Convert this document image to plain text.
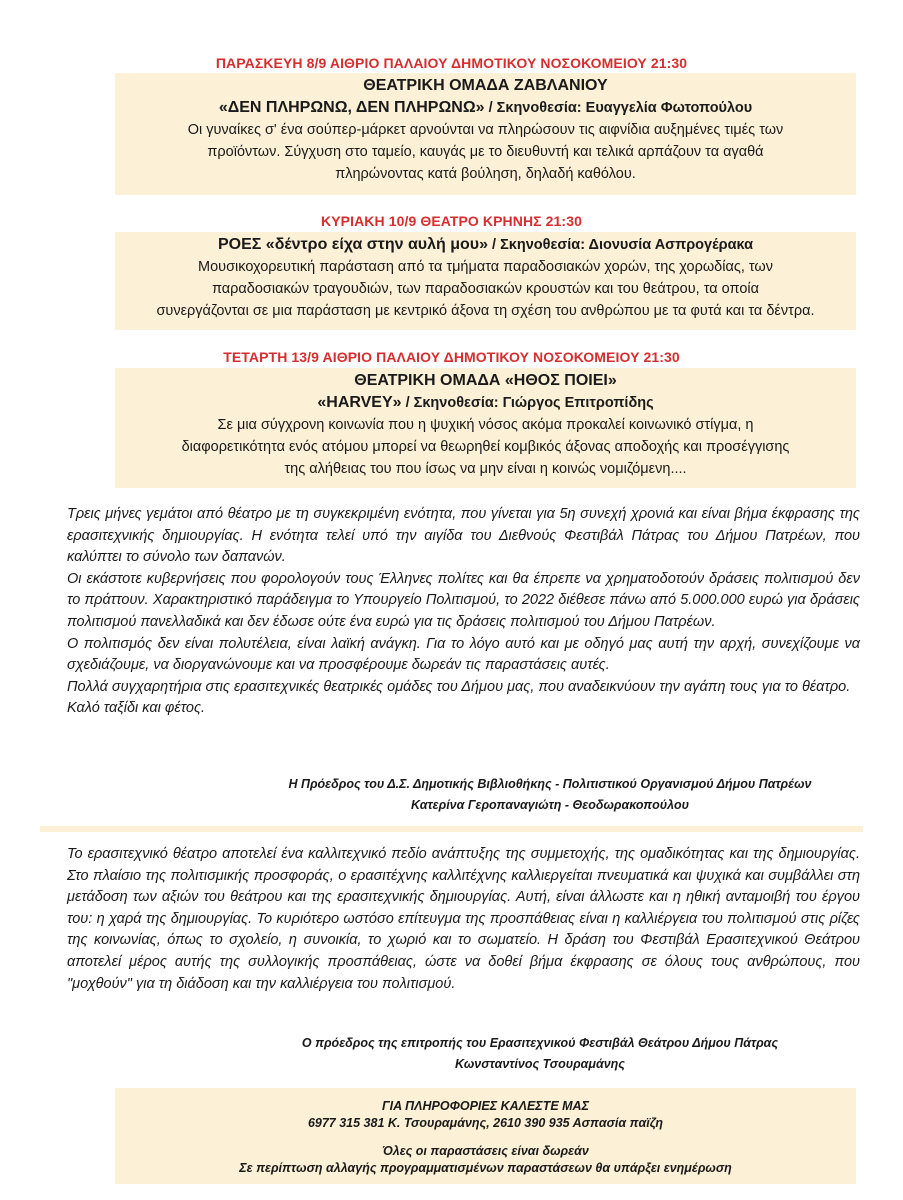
ΠΑΡΑΣΚΕΥΗ 8/9 ΑΙΘΡΙΟ ΠΑΛΑΙΟΥ ΔΗΜΟΤΙΚΟΥ ΝΟΣΟΚΟΜΕΙΟΥ 21:30
ΘΕΑΤΡΙΚΗ ΟΜΑΔΑ ΖΑΒΛΑΝΙΟΥ
«ΔΕΝ ΠΛΗΡΩΝΩ, ΔΕΝ ΠΛΗΡΩΝΩ» / Σκηνοθεσία: Ευαγγελία Φωτοπούλου
Οι γυναίκες σ' ένα σούπερ-μάρκετ αρνούνται να πληρώσουν τις αιφνίδια αυξημένες τιμές των
προϊόντων. Σύγχυση στο ταμείο, καυγάς με το διευθυντή και τελικά αρπάζουν τα αγαθά
πληρώνοντας κατά βούληση, δηλαδή καθόλου.
ΚΥΡΙΑΚΗ 10/9 ΘΕΑΤΡΟ ΚΡΗΝΗΣ 21:30
ΡΟΕΣ «δέντρο είχα στην αυλή μου» / Σκηνοθεσία: Διονυσία Ασπρογέρακα
Μουσικοχορευτική παράσταση από τα τμήματα παραδοσιακών χορών, της χορωδίας, των
παραδοσιακών τραγουδιών, των παραδοσιακών κρουστών και του θεάτρου, τα οποία
συνεργάζονται σε μια παράσταση με κεντρικό άξονα τη σχέση του ανθρώπου με τα φυτά και τα δέντρα.
ΤΕΤΑΡΤΗ 13/9 ΑΙΘΡΙΟ ΠΑΛΑΙΟΥ ΔΗΜΟΤΙΚΟΥ ΝΟΣΟΚΟΜΕΙΟΥ 21:30
ΘΕΑΤΡΙΚΗ ΟΜΑΔΑ «ΗΘΟΣ ΠΟΙΕΙ»
«HARVEY» / Σκηνοθεσία: Γιώργος Επιτροπίδης
Σε μια σύγχρονη κοινωνία που η ψυχική νόσος ακόμα προκαλεί κοινωνικό στίγμα, η
διαφορετικότητα ενός ατόμου μπορεί να θεωρηθεί κομβικός άξονας αποδοχής και προσέγγισης
της αλήθειας του που ίσως να μην είναι η κοινώς νομιζόμενη....

Τρεις μήνες γεμάτοι από θέατρο με τη συγκεκριμένη ενότητα, που γίνεται για 5η συνεχή χρονιά και είναι βήμα έκφρασης της ερασιτεχνικής δημιουργίας. Η ενότητα τελεί υπό την αιγίδα του Διεθνούς Φεστιβάλ Πάτρας του Δήμου Πατρέων, που καλύπτει το σύνολο των δαπανών.

Οι εκάστοτε κυβερνήσεις που φορολογούν τους Έλληνες πολίτες και θα έπρεπε να χρηματοδοτούν δράσεις πολιτισμού δεν το πράττουν. Χαρακτηριστικό παράδειγμα το Υπουργείο Πολιτισμού, το 2022 διέθεσε πάνω από 5.000.000 ευρώ για δράσεις πολιτισμού πανελλαδικά και δεν έδωσε ούτε ένα ευρώ για τις δράσεις πολιτισμού του Δήμου Πατρέων.

Ο πολιτισμός δεν είναι πολυτέλεια, είναι λαϊκή ανάγκη. Για το λόγο αυτό και με οδηγό μας αυτή την αρχή, συνεχίζουμε να σχεδιάζουμε, να διοργανώνουμε και να προσφέρουμε δωρεάν τις παραστάσεις αυτές.

Πολλά συγχαρητήρια στις ερασιτεχνικές θεατρικές ομάδες του Δήμου μας, που αναδεικνύουν την αγάπη τους για το θέατρο.

Καλό ταξίδι και φέτος.

Η Πρόεδρος του Δ.Σ. Δημοτικής Βιβλιοθήκης - Πολιτιστικού Οργανισμού Δήμου Πατρέων
Κατερίνα Γεροπαναγιώτη - Θεοδωρακοπούλου

Το ερασιτεχνικό θέατρο αποτελεί ένα καλλιτεχνικό πεδίο ανάπτυξης της συμμετοχής, της ομαδικότητας και της δημιουργίας. Στο πλαίσιο της πολιτισμικής προσφοράς, ο ερασιτέχνης καλλιτέχνης καλλιεργείται πνευματικά και ψυχικά και συμβάλλει στη μετάδοση των αξιών του θεάτρου και της ερασιτεχνικής δημιουργίας. Αυτή, είναι άλλωστε και η ηθική ανταμοιβή του έργου του: η χαρά της δημιουργίας. Το κυριότερο ωστόσο επίτευγμα της προσπάθειας είναι η καλλιέργεια του πολιτισμού στις ρίζες της κοινωνίας, όπως το σχολείο, η συνοικία, το χωριό και το σωματείο. Η δράση του Φεστιβάλ Ερασιτεχνικού Θεάτρου αποτελεί μέρος αυτής της συλλογικής προσπάθειας, ώστε να δοθεί βήμα έκφρασης σε όλους τους ανθρώπους, που "μοχθούν" για τη διάδοση και την καλλιέργεια του πολιτισμού.

Ο πρόεδρος της επιτροπής του Ερασιτεχνικού Φεστιβάλ Θεάτρου Δήμου Πάτρας
Κωνσταντίνος Τσουραμάνης
ΓΙΑ ΠΛΗΡΟΦΟΡΙΕΣ ΚΑΛΕΣΤΕ ΜΑΣ
6977 315 381 Κ. Τσουραμάνης, 2610 390 935 Ασπασία παϊζη
Όλες οι παραστάσεις είναι δωρεάν
Σε περίπτωση αλλαγής προγραμματισμένων παραστάσεων θα υπάρξει ενημέρωση
